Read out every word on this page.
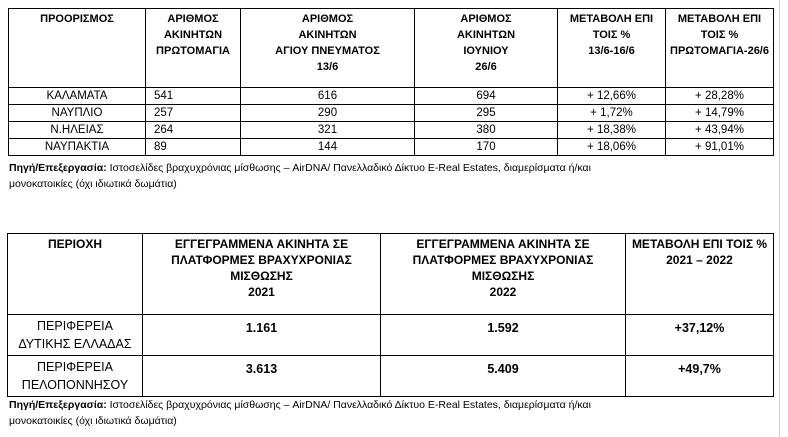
ΠΡΟΟΡΙΣΜΟΣ	ΑΡΙΘΜΟΣ
ΑΚΙΝΗΤΩΝ
ΠΡΩΤΟΜΑΓΙΑ	ΑΡΙΘΜΟΣ
ΑΚΙΝΗΤΩΝ
ΑΓΙΟΥ ΠΝΕΥΜΑΤΟΣ
13/6	ΑΡΙΘΜΟΣ
ΑΚΙΝΗΤΩΝ
ΙΟΥΝΙΟΥ
26/6	ΜΕΤΑΒΟΛΗ ΕΠΙ
ΤΟΙΣ %
13/6-16/6	ΜΕΤΑΒΟΛΗ ΕΠΙ
ΤΟΙΣ %
ΠΡΩΤΟΜΑΓΙΑ-26/6
ΚΑΛΑΜΑΤΑ	541	616	694	+ 12,66%	+ 28,28%
ΝΑΥΠΛΙΟ	257	290	295	+ 1,72%	+ 14,79%
Ν.ΗΛΕΙΑΣ	264	321	380	+ 18,38%	+ 43,94%
ΝΑΥΠΑΚΤΙΑ	89	144	170	+ 18,06%	+ 91,01%
Πηγή/Επεξεργασία: Ιστοσελίδες βραχυχρόνιας μίσθωσης – AirDNA/ Πανελλαδικό Δίκτυο E-Real Estates, διαμερίσματα ή/και
μονοκατοικίες (όχι ιδιωτικά δωμάτια)
ΠΕΡΙΟΧΗ	ΕΓΓΕΓΡΑΜΜΕΝΑ ΑΚΙΝΗΤΑ ΣΕ
ΠΛΑΤΦΟΡΜΕΣ ΒΡΑΧΥΧΡΟΝΙΑΣ
ΜΙΣΘΩΣΗΣ
2021	ΕΓΓΕΓΡΑΜΜΕΝΑ ΑΚΙΝΗΤΑ ΣΕ
ΠΛΑΤΦΟΡΜΕΣ ΒΡΑΧΥΧΡΟΝΙΑΣ
ΜΙΣΘΩΣΗΣ
2022	ΜΕΤΑΒΟΛΗ ΕΠΙ ΤΟΙΣ %
2021 – 2022
ΠΕΡΙΦΕΡΕΙΑ
ΔΥΤΙΚΗΣ ΕΛΛΑΔΑΣ	1.161	1.592	+37,12%
ΠΕΡΙΦΕΡΕΙΑ
ΠΕΛΟΠΟΝΝΗΣΟΥ	3.613	5.409	+49,7%
Πηγή/Επεξεργασία: Ιστοσελίδες βραχυχρόνιας μίσθωσης – AirDNA/ Πανελλαδικό Δίκτυο E-Real Estates, διαμερίσματα ή/και
μονοκατοικίες (όχι ιδιωτικά δωμάτια)
